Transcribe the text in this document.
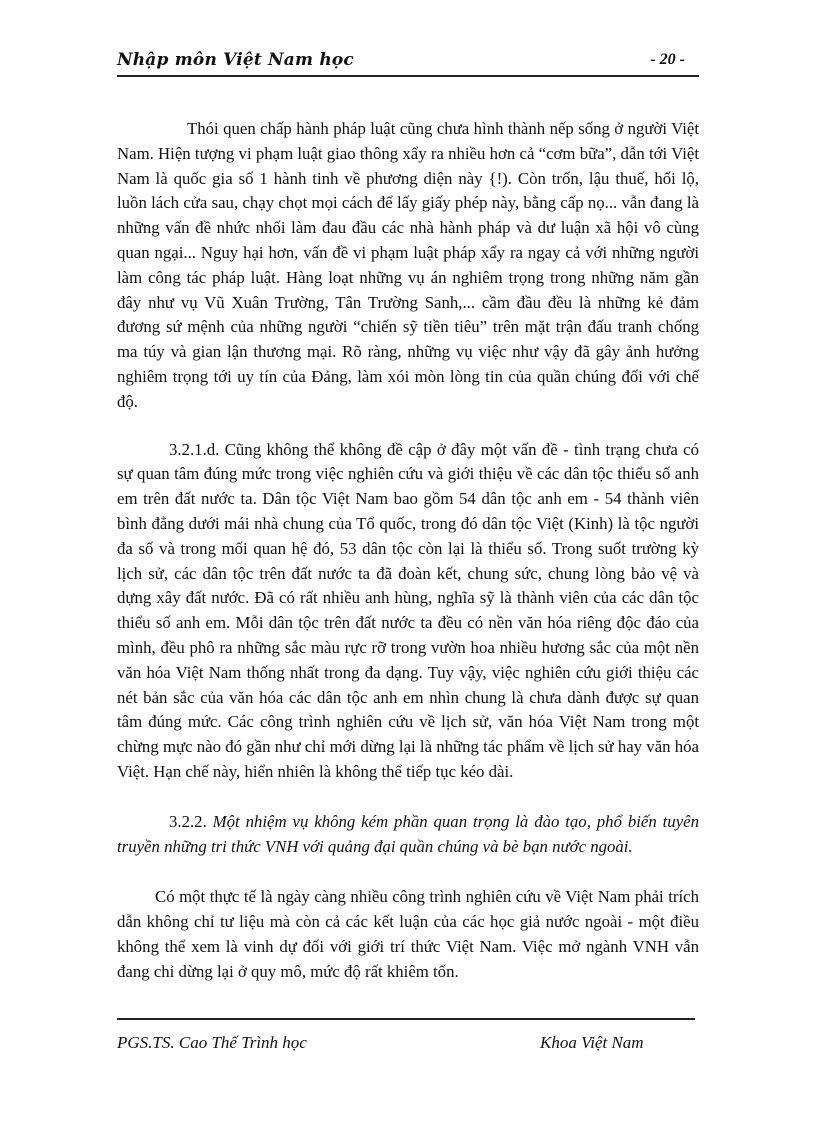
Nhập môn Việt Nam học	- 20 -

Thói quen chấp hành pháp luật cũng chưa hình thành nếp sống ở người Việt Nam. Hiện tượng vi phạm luật giao thông xẩy ra nhiều hơn cả “cơm bữa”, dẫn tới Việt Nam là quốc gia số 1 hành tinh về phương diện này {!). Còn trốn, lậu thuế, hối lộ, luồn lách cửa sau, chạy chọt mọi cách để lấy giấy phép này, bằng cấp nọ... vẫn đang là những vấn đề nhức nhối làm đau đầu các nhà hành pháp và dư luận xã hội vô cùng quan ngại... Nguy hại hơn, vấn đề vi phạm luật pháp xẩy ra ngay cả với những người làm công tác pháp luật. Hàng loạt những vụ án nghiêm trọng trong những năm gần đây như vụ Vũ Xuân Trường, Tân Trường Sanh,... cầm đầu đều là những kẻ đảm đương sứ mệnh của những người “chiến sỹ tiền tiêu” trên mặt trận đấu tranh chống ma túy và gian lận thương mại. Rõ ràng, những vụ việc như vậy đã gây ảnh hưởng nghiêm trọng tới uy tín của Đảng, làm xói mòn lòng tin của quần chúng đối với chế độ.

3.2.1.d. Cũng không thể không đề cập ở đây một vấn đề - tình trạng chưa có sự quan tâm đúng mức trong việc nghiên cứu và giới thiệu về các dân tộc thiểu số anh em trên đất nước ta. Dân tộc Việt Nam bao gồm 54 dân tộc anh em - 54 thành viên bình đẳng dưới mái nhà chung của Tổ quốc, trong đó dân tộc Việt (Kinh) là tộc người đa số và trong mối quan hệ đó, 53 dân tộc còn lại là thiểu số. Trong suốt trường kỳ lịch sử, các dân tộc trên đất nước ta đã đoàn kết, chung sức, chung lòng bảo vệ và dựng xây đất nước. Đã có rất nhiều anh hùng, nghĩa sỹ là thành viên của các dân tộc thiểu số anh em. Mỗi dân tộc trên đất nước ta đều có nền văn hóa riêng độc đáo của mình, đều phô ra những sắc màu rực rỡ trong vườn hoa nhiều hương sắc của một nền văn hóa Việt Nam thống nhất trong đa dạng. Tuy vậy, việc nghiên cứu giới thiệu các nét bản sắc của văn hóa các dân tộc anh em nhìn chung là chưa dành được sự quan tâm đúng mức. Các công trình nghiên cứu về lịch sử, văn hóa Việt Nam trong một chừng mực nào đó gần như chỉ mới dừng lại là những tác phẩm về lịch sử hay văn hóa Việt. Hạn chế này, hiển nhiên là không thể tiếp tục kéo dài.

3.2.2. Một nhiệm vụ không kém phần quan trọng là đào tạo, phổ biến tuyên truyền những tri thức VNH với quảng đại quần chúng và bè bạn nước ngoài.

Có một thực tế là ngày càng nhiều công trình nghiên cứu về Việt Nam phải trích dẫn không chỉ tư liệu mà còn cả các kết luận của các học giả nước ngoài - một điều không thể xem là vinh dự đối với giới trí thức Việt Nam. Việc mở ngành VNH vẫn đang chỉ dừng lại ở quy mô, mức độ rất khiêm tốn.

PGS.TS. Cao Thế Trình học	Khoa Việt Nam
